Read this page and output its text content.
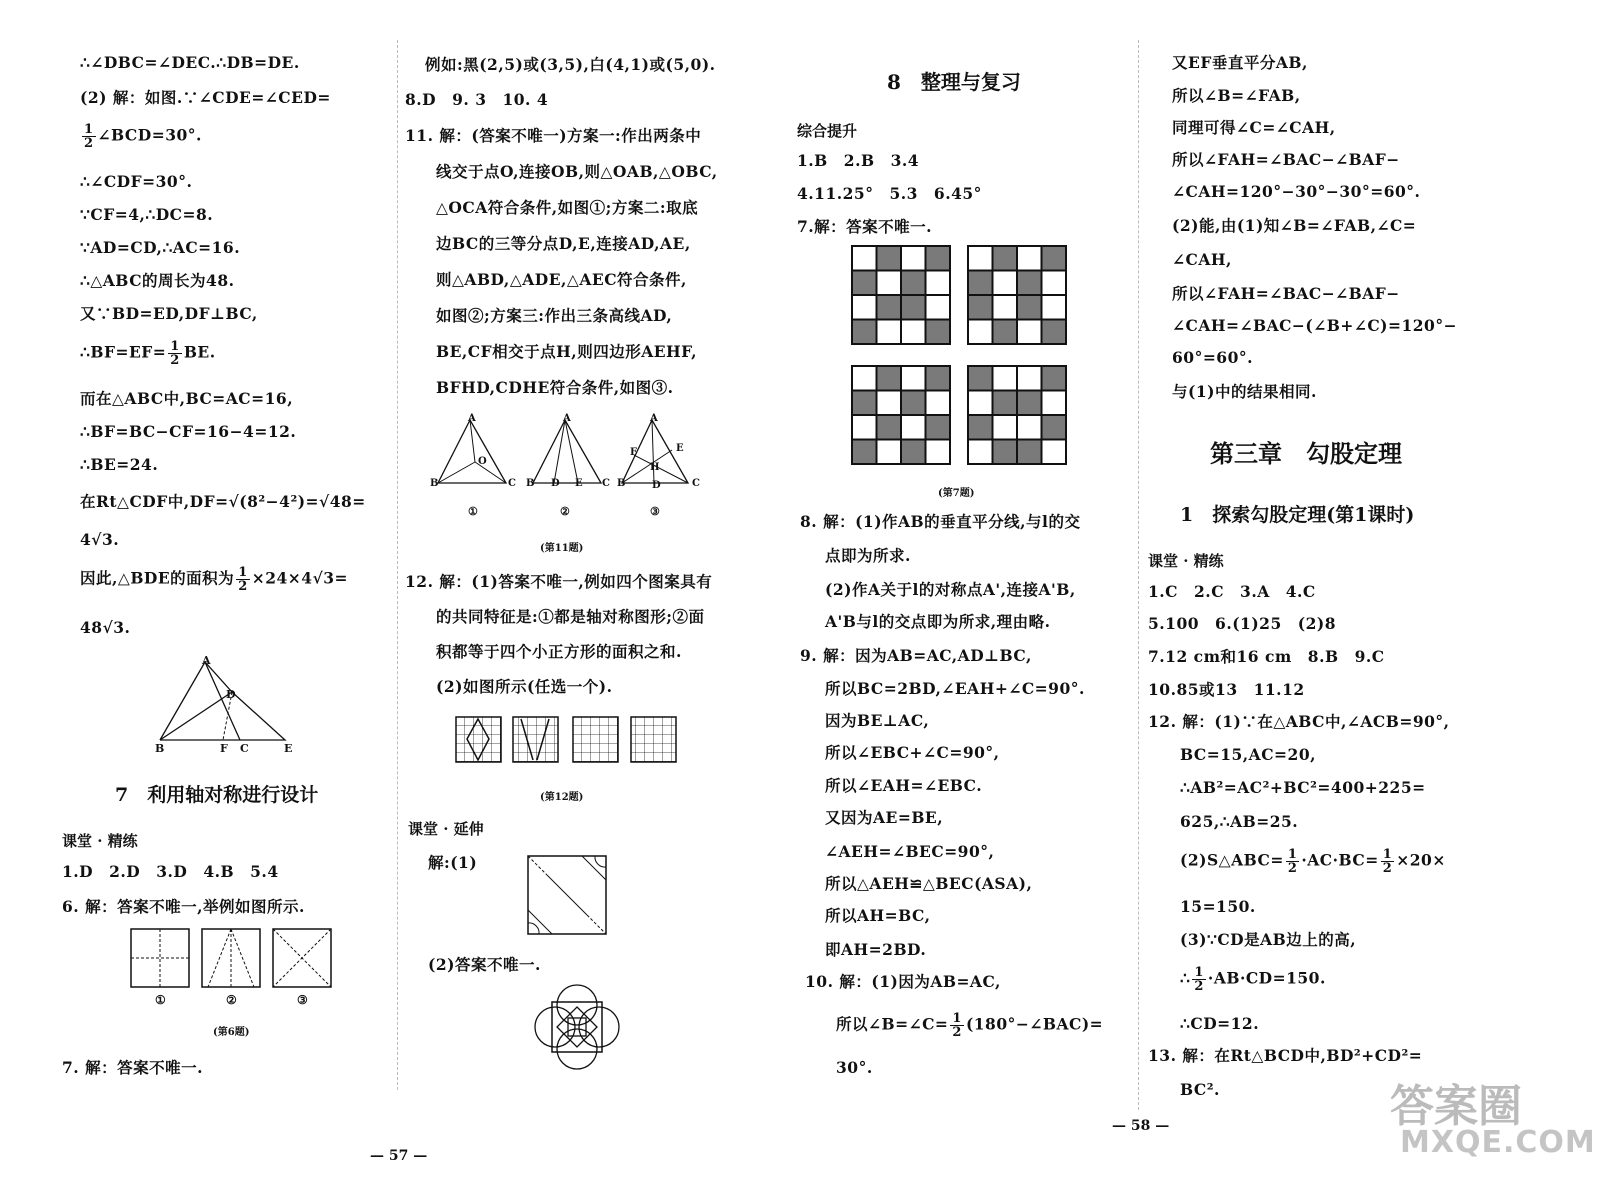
∴∠DBC=∠DEC.∴DB=DE.
(2) 解：如图.∵∠CDE=∠CED=
$\frac{1}{2}$ ∠BCD=30°.
∴∠CDF=30°.
∵CF=4,∴DC=8.
∵AD=CD,∴AC=16.
∴△ABC的周长为48.
又∵BD=ED,DF⊥BC,
∴BF=EF= $\frac{1}{2}$ BE.
而在△ABC中,BC=AC=16,
∴BF=BC−CF=16−4=12.
∴BE=24.
在Rt△CDF中,DF=√(8²−4²)=√48=
4√3.
因此,△BDE的面积为 $\frac{1}{2} \times 24\times 4√3=$
48√3.
A
D
B	F C	E
7　利用轴对称进行设计
课堂 · 精练
1.D　2.D　3.D　4.B　5.4
6. 解：答案不唯一,举例如图所示.
①	②	③
(第6题)
7. 解：答案不唯一.
例如:黑(2,5)或(3,5),白(4,1)或(5,0).
8.D　9. 3　10. 4
11. 解：(答案不唯一)方案一:作出两条中
线交于点O,连接OB,则△OAB,△OBC,
△OCA符合条件,如图①;方案二:取底
边BC的三等分点D,E,连接AD,AE,
则△ABD,△ADE,△AEC符合条件,
如图②;方案三:作出三条高线AD,
BE,CF相交于点H,则四边形AEHF,
BFHD,CDHE符合条件,如图③.
A
O
B	C
A
B D E C
A
F
H
E
B	D	C
①	②	③
(第11题)
12. 解：(1)答案不唯一,例如四个图案具有
的共同特征是:①都是轴对称图形;②面
积都等于四个小正方形的面积之和.
(2)如图所示(任选一个).
(第12题)
课堂 · 延伸
解:(1)
(2)答案不唯一.
— 57 —
8　整理与复习
综合提升
1.B　2.B　3.4
4.11.25°　5.3　6.45°
7.解：答案不唯一.
(第7题)
8. 解：(1)作AB的垂直平分线,与l的交
点即为所求.
(2)作A关于l的对称点A',连接A'B,
A'B与l的交点即为所求,理由略.
9. 解：因为AB=AC,AD⊥BC,
所以BC=2BD,∠EAH+∠C=90°.
因为BE⊥AC,
所以∠EBC+∠C=90°,
所以∠EAH=∠EBC.
又因为AE=BE,
∠AEH=∠BEC=90°,
所以△AEH≌△BEC(ASA),
所以AH=BC,
即AH=2BD.
10. 解：(1)因为AB=AC,
所以∠B=∠C= $\frac{1}{2}$ (180°−∠BAC)=
30°.
又EF垂直平分AB,
所以∠B=∠FAB,
同理可得∠C=∠CAH,
所以∠FAH=∠BAC−∠BAF−
∠CAH=120°−30°−30°=60°.
(2)能,由(1)知∠B=∠FAB,∠C=
∠CAH,
所以∠FAH=∠BAC−∠BAF−
∠CAH=∠BAC−(∠B+∠C)=120°−
60°=60°.
与(1)中的结果相同.
第三章　勾股定理
1　探索勾股定理(第1课时)
课堂 · 精练
1.C　2.C　3.A　4.C
5.100　6.(1)25　(2)8
7.12 cm和16 cm　8.B　9.C
10.85或13　11.12
12. 解：(1)∵在△ABC中,∠ACB=90°,
BC=15,AC=20,
∴AB²=AC²+BC²=400+225=
625,∴AB=25.
(2)S△ABC= $\frac{1}{2} \cdot AC\cdot BC= \frac{1}{2} \times 20\times$
15=150.
(3)∵CD是AB边上的高,
∴ $\frac{1}{2} \cdot AB\cdot CD=150$.
∴CD=12.
13. 解：在Rt△BCD中,BD²+CD²=
BC².
— 58 —	答案圈
MXQE.COM
